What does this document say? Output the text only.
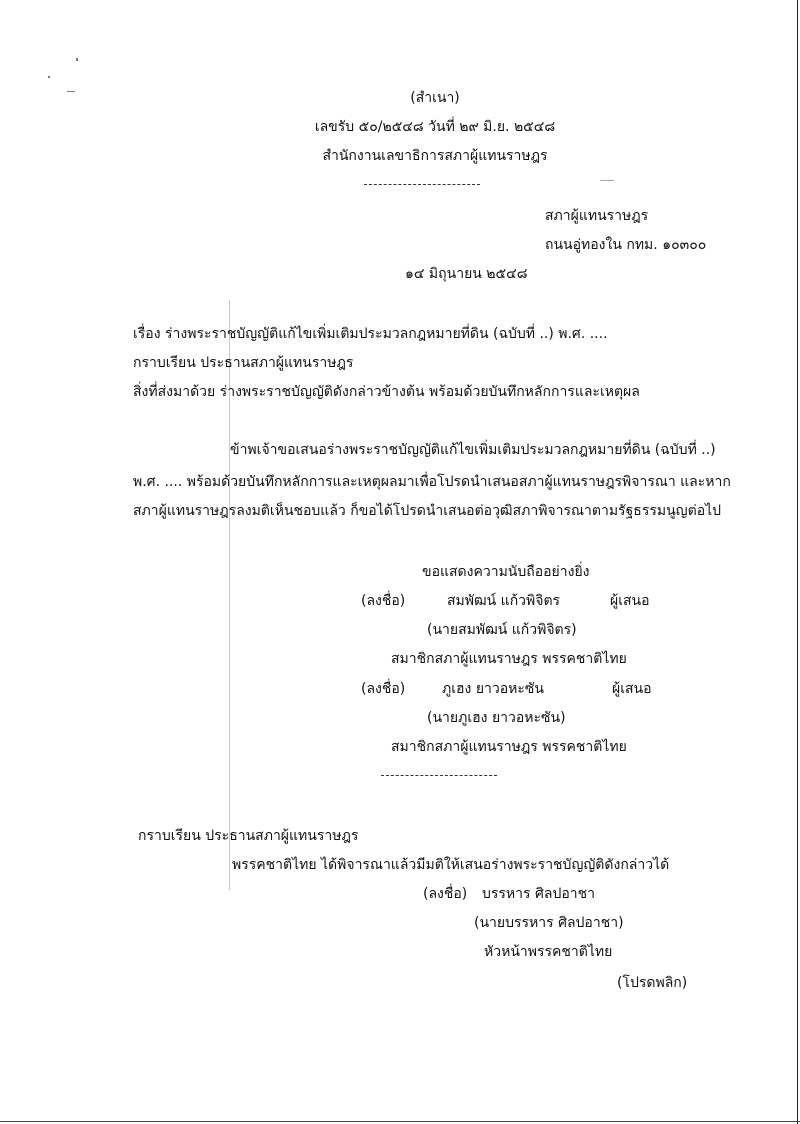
(สำเนา)
เลขรับ ๕๐/๒๕๔๘ วันที่ ๒๙ มิ.ย. ๒๕๔๘
สำนักงานเลขาธิการสภาผู้แทนราษฎร
สภาผู้แทนราษฎร
ถนนอู่ทองใน กทม. ๑๐๓๐๐
๑๔ มิถุนายน ๒๕๔๘
เรื่อง ร่างพระราชบัญญัติแก้ไขเพิ่มเติมประมวลกฎหมายที่ดิน (ฉบับที่ ..) พ.ศ. ....
กราบเรียน ประธานสภาผู้แทนราษฎร
สิ่งที่ส่งมาด้วย ร่างพระราชบัญญัติดังกล่าวข้างต้น พร้อมด้วยบันทึกหลักการและเหตุผล
ข้าพเจ้าขอเสนอร่างพระราชบัญญัติแก้ไขเพิ่มเติมประมวลกฎหมายที่ดิน (ฉบับที่ ..)
พ.ศ. .... พร้อมด้วยบันทึกหลักการและเหตุผลมาเพื่อโปรดนำเสนอสภาผู้แทนราษฎรพิจารณา และหาก
สภาผู้แทนราษฎรลงมติเห็นชอบแล้ว ก็ขอได้โปรดนำเสนอต่อวุฒิสภาพิจารณาตามรัฐธรรมนูญต่อไป
ขอแสดงความนับถืออย่างยิ่ง
(ลงชื่อ)	สมพัฒน์ แก้วพิจิตร	ผู้เสนอ
(นายสมพัฒน์ แก้วพิจิตร)
สมาชิกสภาผู้แทนราษฎร พรรคชาติไทย
(ลงชื่อ)	ภูเฮง ยาวอหะซัน	ผู้เสนอ
(นายภูเฮง ยาวอหะซัน)
สมาชิกสภาผู้แทนราษฎร พรรคชาติไทย
กราบเรียน ประธานสภาผู้แทนราษฎร
พรรคชาติไทย ได้พิจารณาแล้วมีมติให้เสนอร่างพระราชบัญญัติดังกล่าวได้
(ลงชื่อ) บรรหาร ศิลปอาชา
(นายบรรหาร ศิลปอาชา)
หัวหน้าพรรคชาติไทย
(โปรดพลิก)
